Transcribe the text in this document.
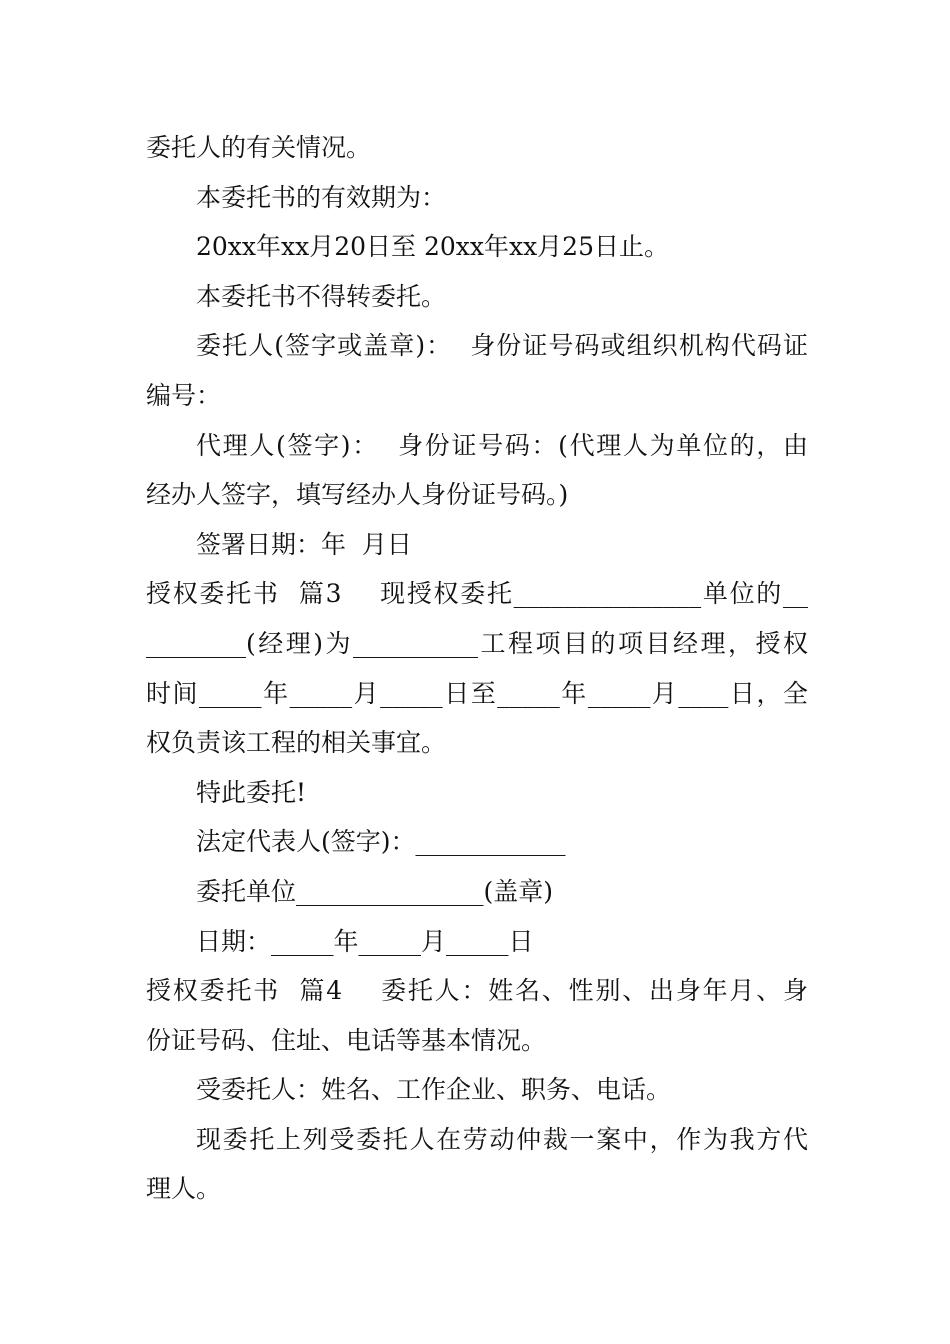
委托人的有关情况。
本委托书的有效期为：
20xx年xx月20日至 20xx年xx月25日止。
本委托书不得转委托。
委托人(签字或盖章)：  身份证号码或组织机构代码证
编号：
代理人(签字)：  身份证号码：(代理人为单位的，由
经办人签字，填写经办人身份证号码。)
签署日期：年  月日
授权委托书  篇3    现授权委托_______________单位的__
________(经理)为__________工程项目的项目经理，授权
时间_____年_____月_____日至_____年_____月____日，全
权负责该工程的相关事宜。
特此委托!
法定代表人(签字)：____________
委托单位_______________(盖章)
日期：_____年_____月_____日
授权委托书  篇4    委托人：姓名、性别、出身年月、身
份证号码、住址、电话等基本情况。
受委托人：姓名、工作企业、职务、电话。
现委托上列受委托人在劳动仲裁一案中，作为我方代
理人。
